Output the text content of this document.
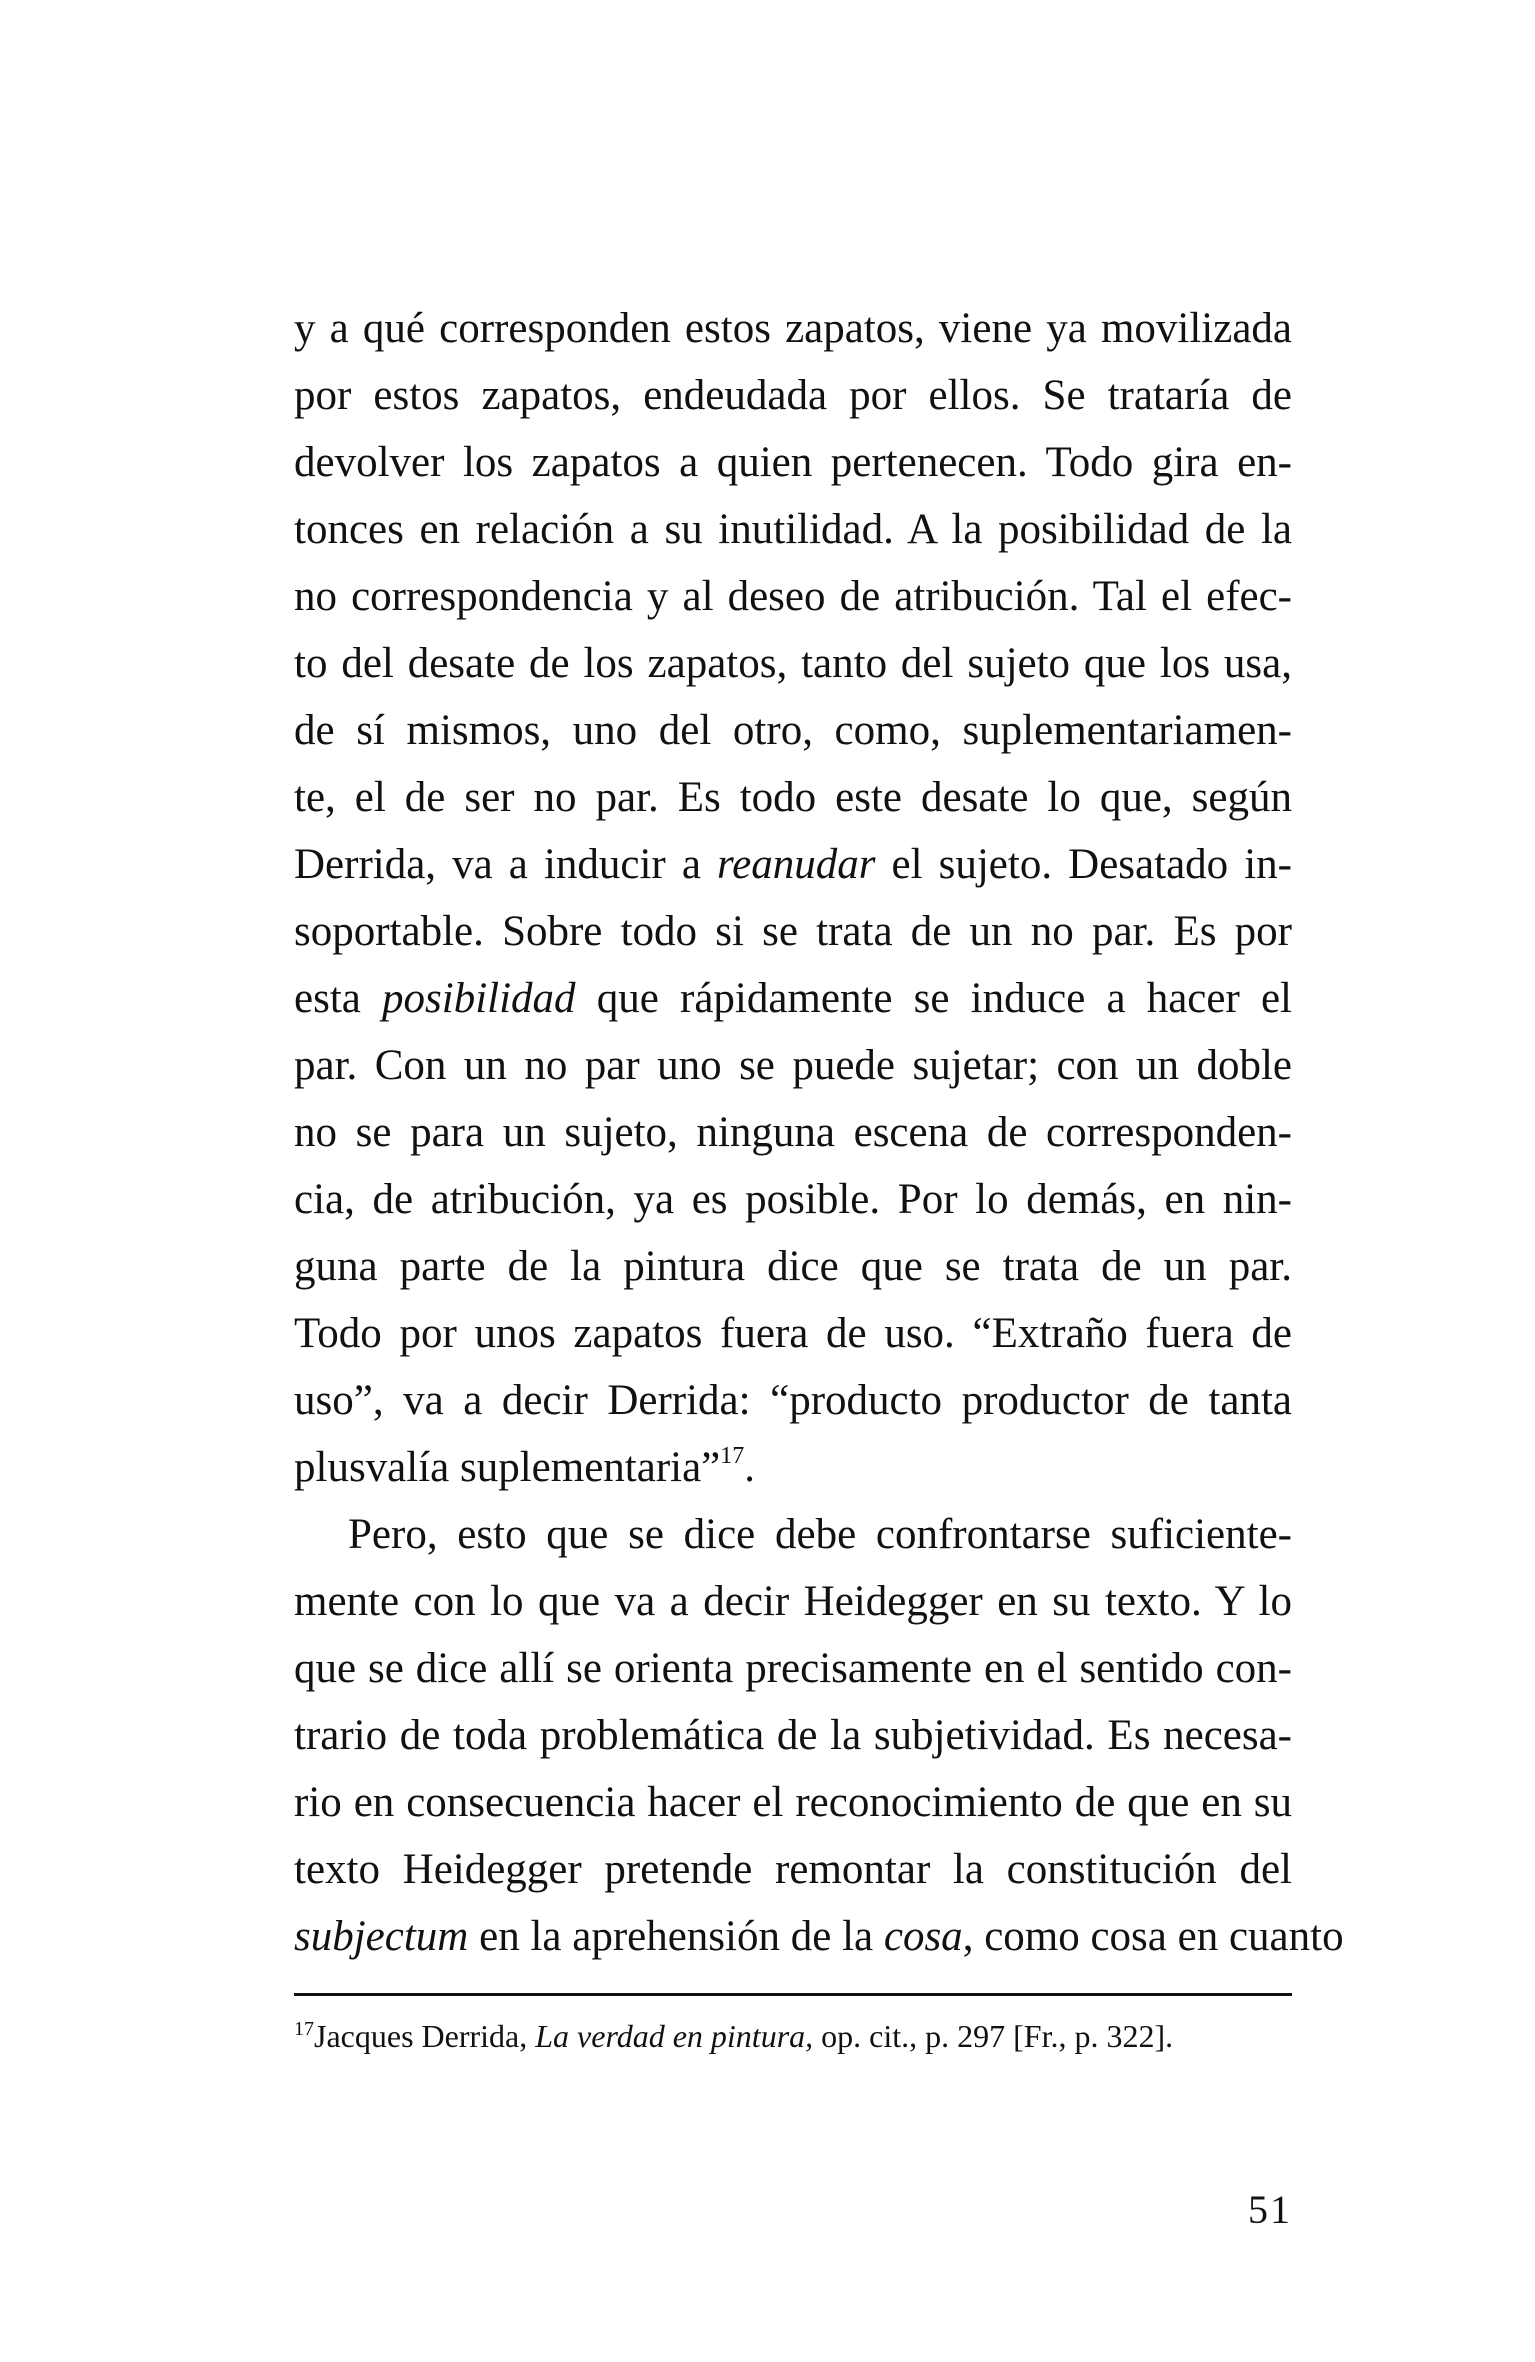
y a qué corresponden estos zapatos, viene ya movilizada
por estos zapatos, endeudada por ellos. Se trataría de
devolver los zapatos a quien pertenecen. Todo gira en-
tonces en relación a su inutilidad. A la posibilidad de la
no correspondencia y al deseo de atribución. Tal el efec-
to del desate de los zapatos, tanto del sujeto que los usa,
de sí mismos, uno del otro, como, suplementariamen-
te, el de ser no par. Es todo este desate lo que, según
Derrida, va a inducir a reanudar el sujeto. Desatado in-
soportable. Sobre todo si se trata de un no par. Es por
esta posibilidad que rápidamente se induce a hacer el
par. Con un no par uno se puede sujetar; con un doble
no se para un sujeto, ninguna escena de corresponden-
cia, de atribución, ya es posible. Por lo demás, en nin-
guna parte de la pintura dice que se trata de un par.
Todo por unos zapatos fuera de uso. “Extraño fuera de
uso”, va a decir Derrida: “producto productor de tanta
plusvalía suplementaria”$^{17}$.
Pero, esto que se dice debe confrontarse suficiente-
mente con lo que va a decir Heidegger en su texto. Y lo
que se dice allí se orienta precisamente en el sentido con-
trario de toda problemática de la subjetividad. Es necesa-
rio en consecuencia hacer el reconocimiento de que en su
texto Heidegger pretende remontar la constitución del
subjectum en la aprehensión de la cosa, como cosa en cuanto
$^{17}$Jacques Derrida, La verdad en pintura, op. cit., p. 297 [Fr., p. 322].
51
